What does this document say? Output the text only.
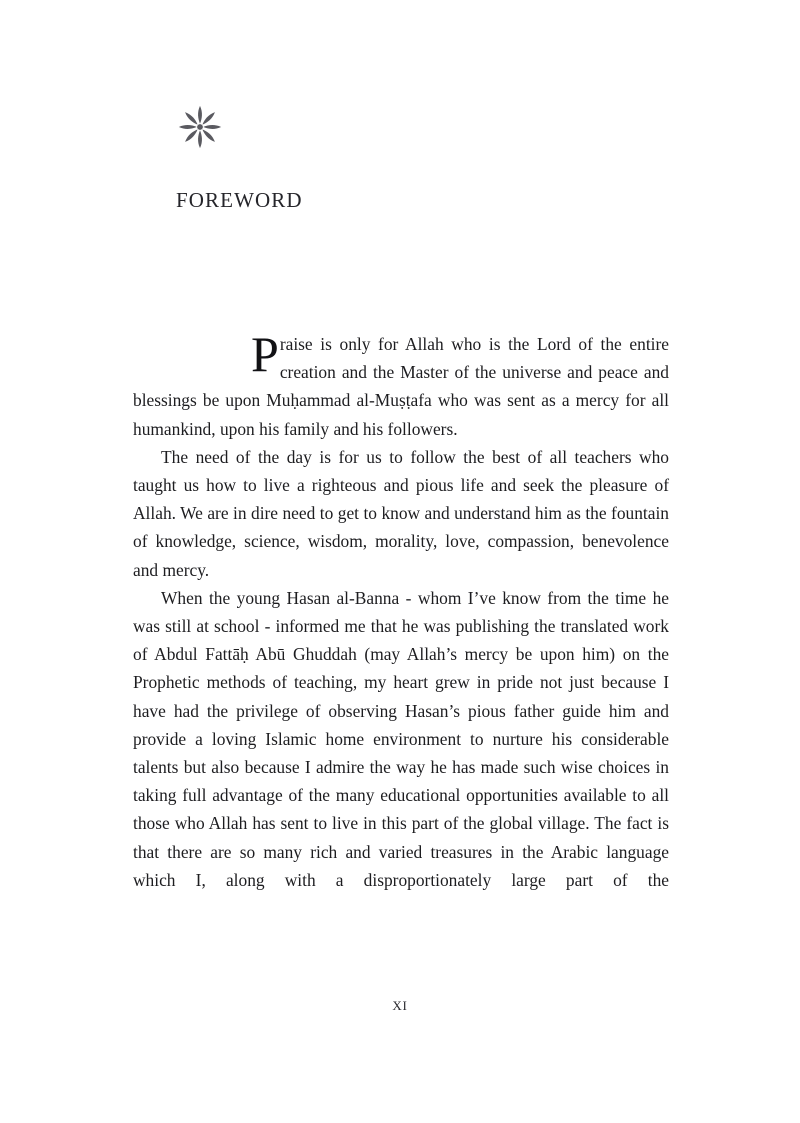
FOREWORD

Praise is only for Allah who is the Lord of the entire creation and the Master of the universe and peace and blessings be upon Muḥammad al-Muṣṭafa who was sent as a mercy for all humankind, upon his family and his followers.

The need of the day is for us to follow the best of all teachers who taught us how to live a righteous and pious life and seek the pleasure of Allah. We are in dire need to get to know and understand him as the fountain of knowledge, science, wisdom, morality, love, compassion, benevolence and mercy.

When the young Hasan al-Banna - whom I’ve know from the time he was still at school - informed me that he was publishing the translated work of Abdul Fattāḥ Abū Ghuddah (may Allah’s mercy be upon him) on the Prophetic methods of teaching, my heart grew in pride not just because I have had the privilege of observing Hasan’s pious father guide him and provide a loving Islamic home environment to nurture his considerable talents but also because I admire the way he has made such wise choices in taking full advantage of the many educational opportunities available to all those who Allah has sent to live in this part of the global village. The fact is that there are so many rich and varied treasures in the Arabic language which I, along with a disproportionately large part of the

XI
